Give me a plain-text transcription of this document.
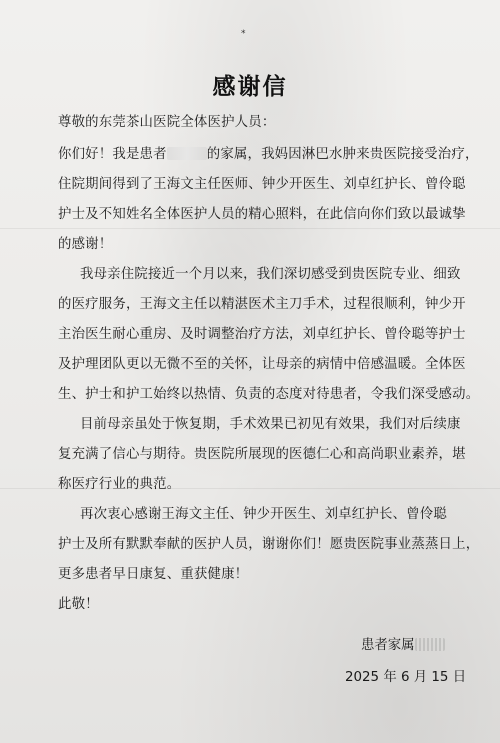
*
感谢信
尊敬的东莞茶山医院全体医护人员：
你们好！我是患者	的家属，我妈因淋巴水肿来贵医院接受治疗，
住院期间得到了王海文主任医师、钟少开医生、刘卓红护长、曾伶聪
护士及不知姓名全体医护人员的精心照料，在此信向你们致以最诚挚
的感谢！
我母亲住院接近一个月以来，我们深切感受到贵医院专业、细致
的医疗服务，王海文主任以精湛医术主刀手术，过程很顺利，钟少开
主治医生耐心重房、及时调整治疗方法，刘卓红护长、曾伶聪等护士
及护理团队更以无微不至的关怀，让母亲的病情中倍感温暖。全体医
生、护士和护工始终以热情、负责的态度对待患者，令我们深受感动。
目前母亲虽处于恢复期，手术效果已初见有效果，我们对后续康
复充满了信心与期待。贵医院所展现的医德仁心和高尚职业素养，堪
称医疗行业的典范。
再次衷心感谢王海文主任、钟少开医生、刘卓红护长、曾伶聪
护士及所有默默奉献的医护人员，谢谢你们！愿贵医院事业蒸蒸日上，
更多患者早日康复、重获健康！
此敬！
患者家属
2025 年 6 月 15 日
